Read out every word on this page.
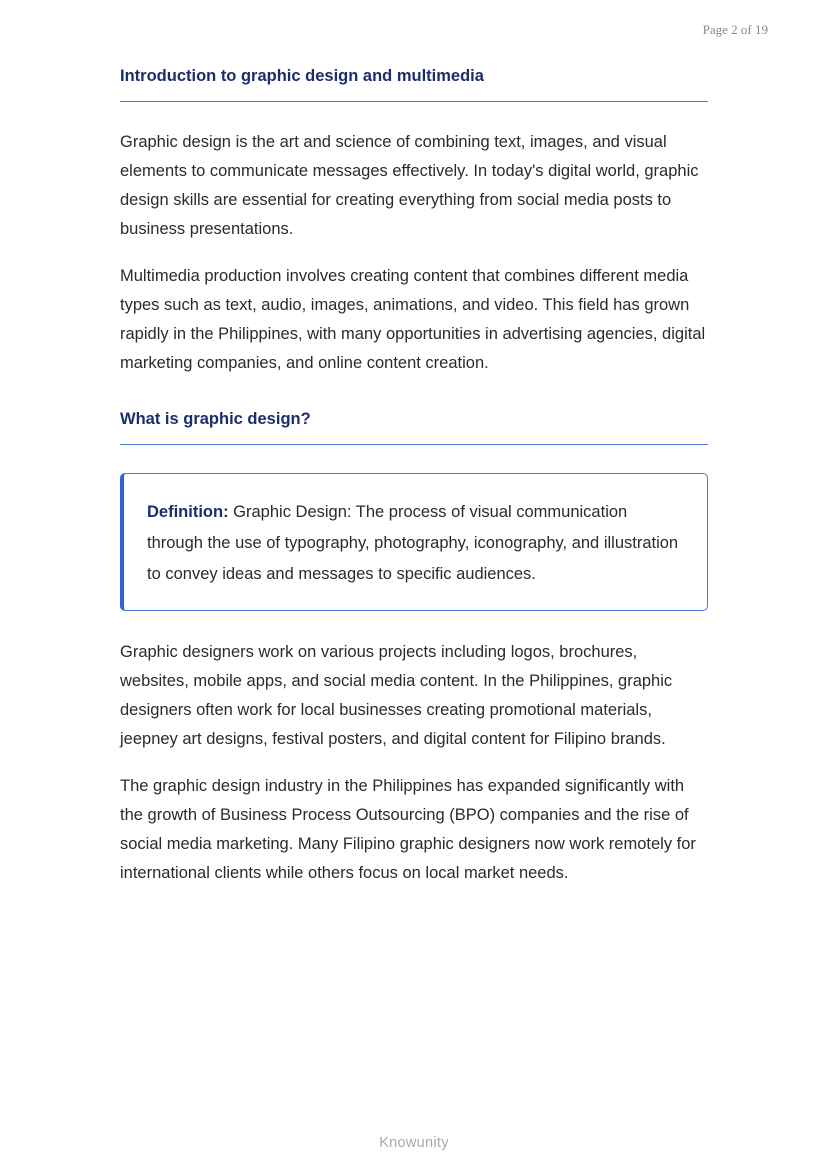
Page 2 of 19
Introduction to graphic design and multimedia

Graphic design is the art and science of combining text, images, and visual elements to communicate messages effectively. In today's digital world, graphic design skills are essential for creating everything from social media posts to business presentations.

Multimedia production involves creating content that combines different media types such as text, audio, images, animations, and video. This field has grown rapidly in the Philippines, with many opportunities in advertising agencies, digital marketing companies, and online content creation.

What is graphic design?

Definition: Graphic Design: The process of visual communication through the use of typography, photography, iconography, and illustration to convey ideas and messages to specific audiences.

Graphic designers work on various projects including logos, brochures, websites, mobile apps, and social media content. In the Philippines, graphic designers often work for local businesses creating promotional materials, jeepney art designs, festival posters, and digital content for Filipino brands.

The graphic design industry in the Philippines has expanded significantly with the growth of Business Process Outsourcing (BPO) companies and the rise of social media marketing. Many Filipino graphic designers now work remotely for international clients while others focus on local market needs.

Knowunity
